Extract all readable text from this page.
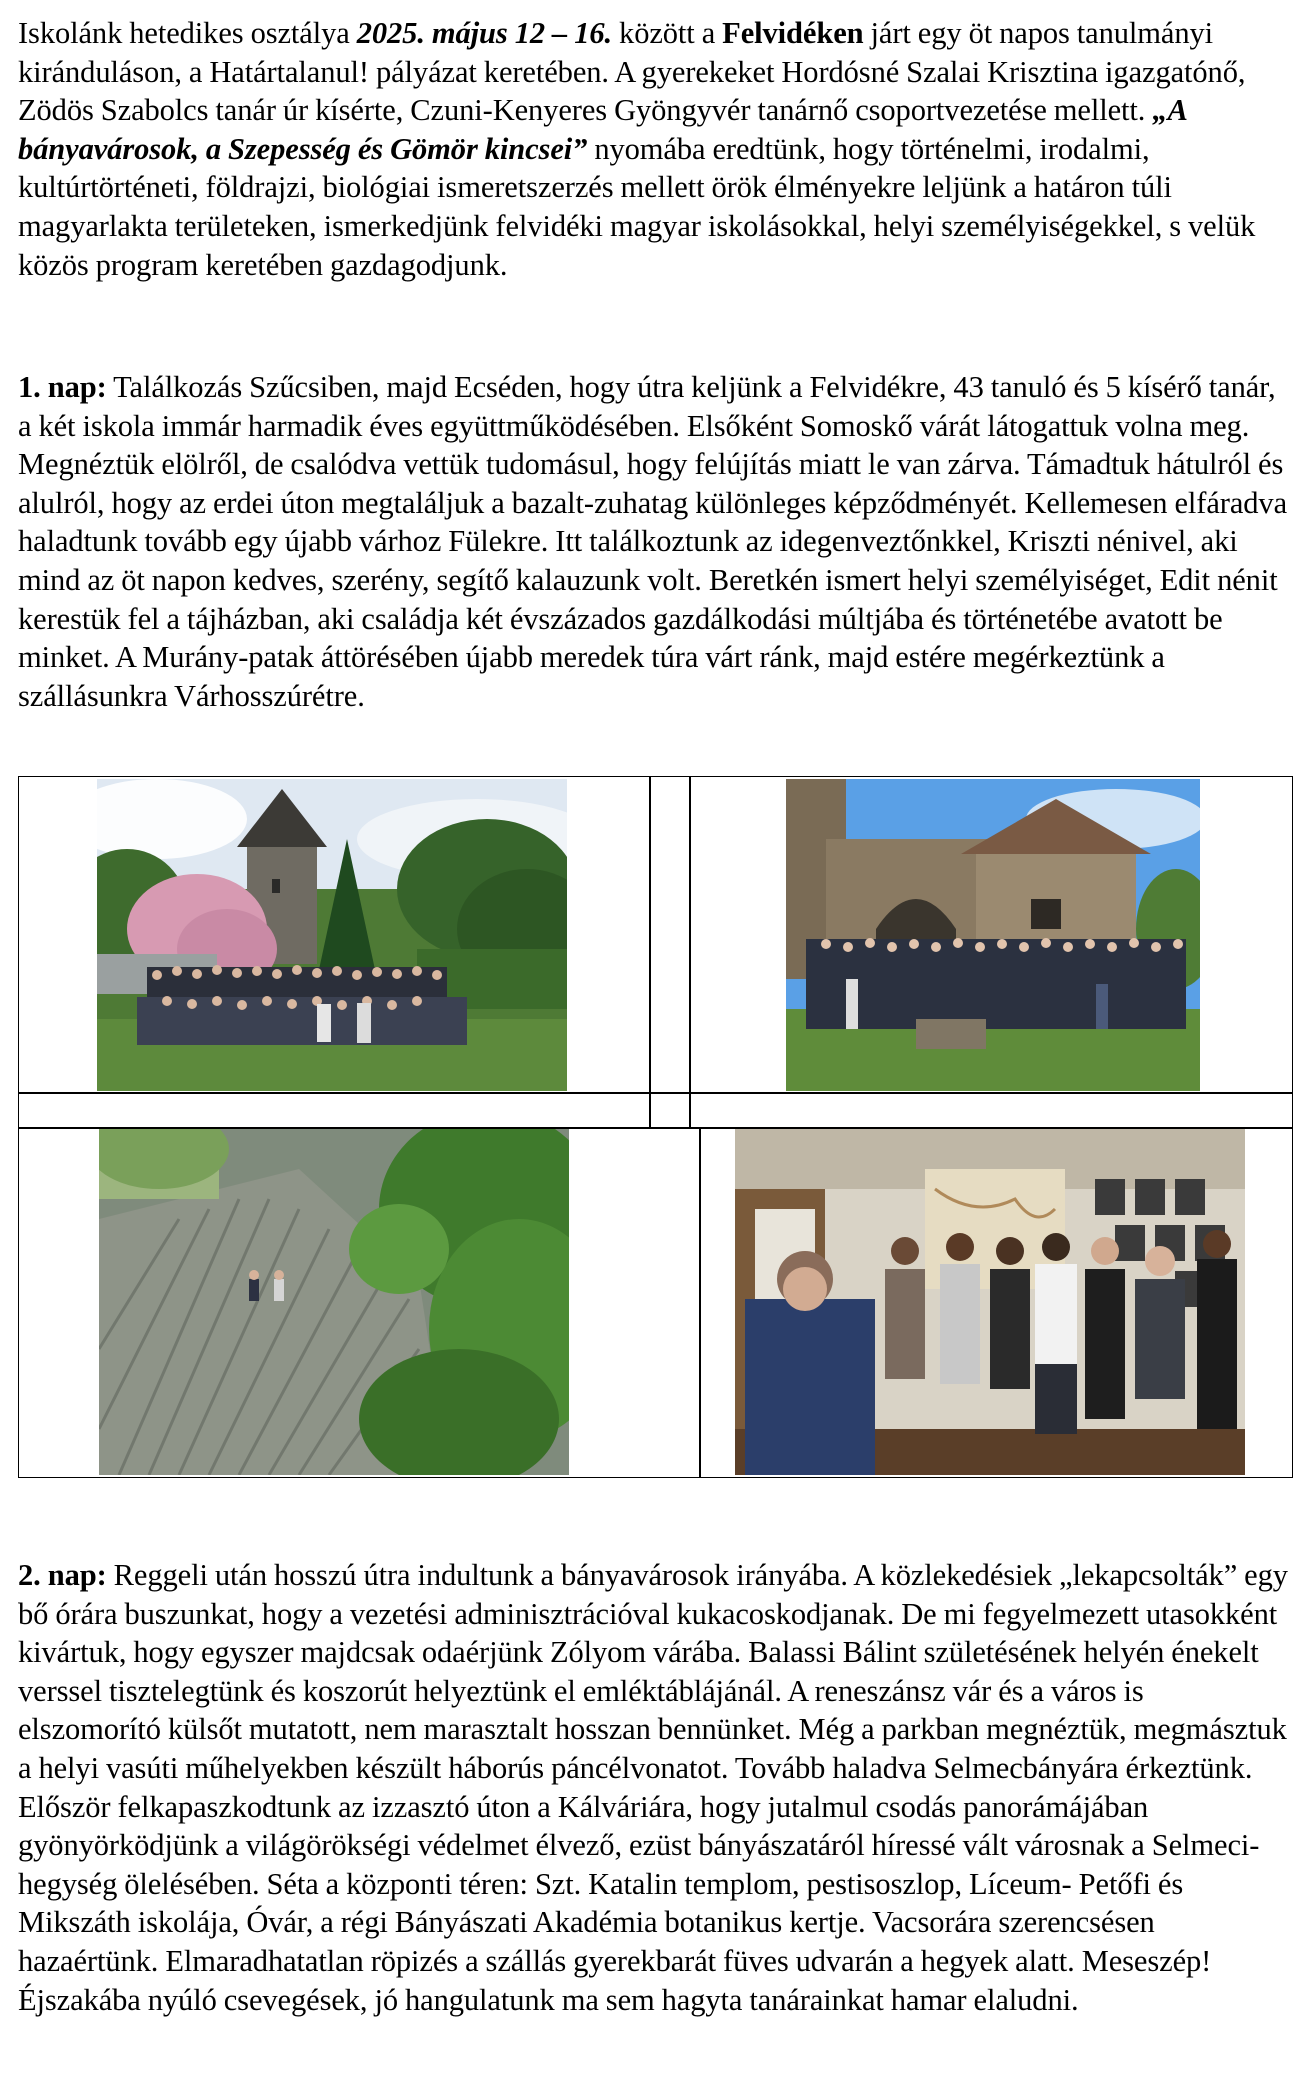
Iskolánk hetedikes osztálya 2025. május 12 – 16. között a Felvidéken járt egy öt napos tanulmányi kiránduláson, a Határtalanul! pályázat keretében. A gyerekeket Hordósné Szalai Krisztina igazgatónő, Zödös Szabolcs tanár úr kísérte, Czuni-Kenyeres Gyöngyvér tanárnő csoportvezetése mellett. „A bányavárosok, a Szepesség és Gömör kincsei” nyomába eredtünk, hogy történelmi, irodalmi, kultúrtörténeti, földrajzi, biológiai ismeretszerzés mellett örök élményekre leljünk a határon túli magyarlakta területeken, ismerkedjünk felvidéki magyar iskolásokkal, helyi személyiségekkel, s velük közös program keretében gazdagodjunk.

1. nap: Találkozás Szűcsiben, majd Ecséden, hogy útra keljünk a Felvidékre, 43 tanuló és 5 kísérő tanár, a két iskola immár harmadik éves együttműködésében. Elsőként Somoskő várát látogattuk volna meg. Megnéztük elölről, de csalódva vettük tudomásul, hogy felújítás miatt le van zárva. Támadtuk hátulról és alulról, hogy az erdei úton megtaláljuk a bazalt-zuhatag különleges képződményét. Kellemesen elfáradva haladtunk tovább egy újabb várhoz Fülekre. Itt találkoztunk az idegenveztőnkkel, Kriszti nénivel, aki mind az öt napon kedves, szerény, segítő kalauzunk volt. Beretkén ismert helyi személyiséget, Edit nénit kerestük fel a tájházban, aki családja két évszázados gazdálkodási múltjába és történetébe avatott be minket. A Murány-patak áttörésében újabb meredek túra várt ránk, majd estére megérkeztünk a szállásunkra Várhosszúrétre.

2. nap: Reggeli után hosszú útra indultunk a bányavárosok irányába. A közlekedésiek „lekapcsolták” egy bő órára buszunkat, hogy a vezetési adminisztrációval kukacoskodjanak. De mi fegyelmezett utasokként kivártuk, hogy egyszer majdcsak odaérjünk Zólyom várába. Balassi Bálint születésének helyén énekelt verssel tisztelegtünk és koszorút helyeztünk el emléktáblájánál. A reneszánsz vár és a város is elszomorító külsőt mutatott, nem marasztalt hosszan bennünket. Még a parkban megnéztük, megmásztuk a helyi vasúti műhelyekben készült háborús páncélvonatot. Tovább haladva Selmecbányára érkeztünk. Először felkapaszkodtunk az izzasztó úton a Kálváriára, hogy jutalmul csodás panorámájában gyönyörködjünk a világörökségi védelmet élvező, ezüst bányászatáról híressé vált városnak a Selmeci-hegység ölelésében. Séta a központi téren: Szt. Katalin templom, pestisoszlop, Líceum- Petőfi és Mikszáth iskolája, Óvár, a régi Bányászati Akadémia botanikus kertje. Vacsorára szerencsésen hazaértünk. Elmaradhatatlan röpizés a szállás gyerekbarát füves udvarán a hegyek alatt. Meseszép! Éjszakába nyúló csevegések, jó hangulatunk ma sem hagyta tanárainkat hamar elaludni.
